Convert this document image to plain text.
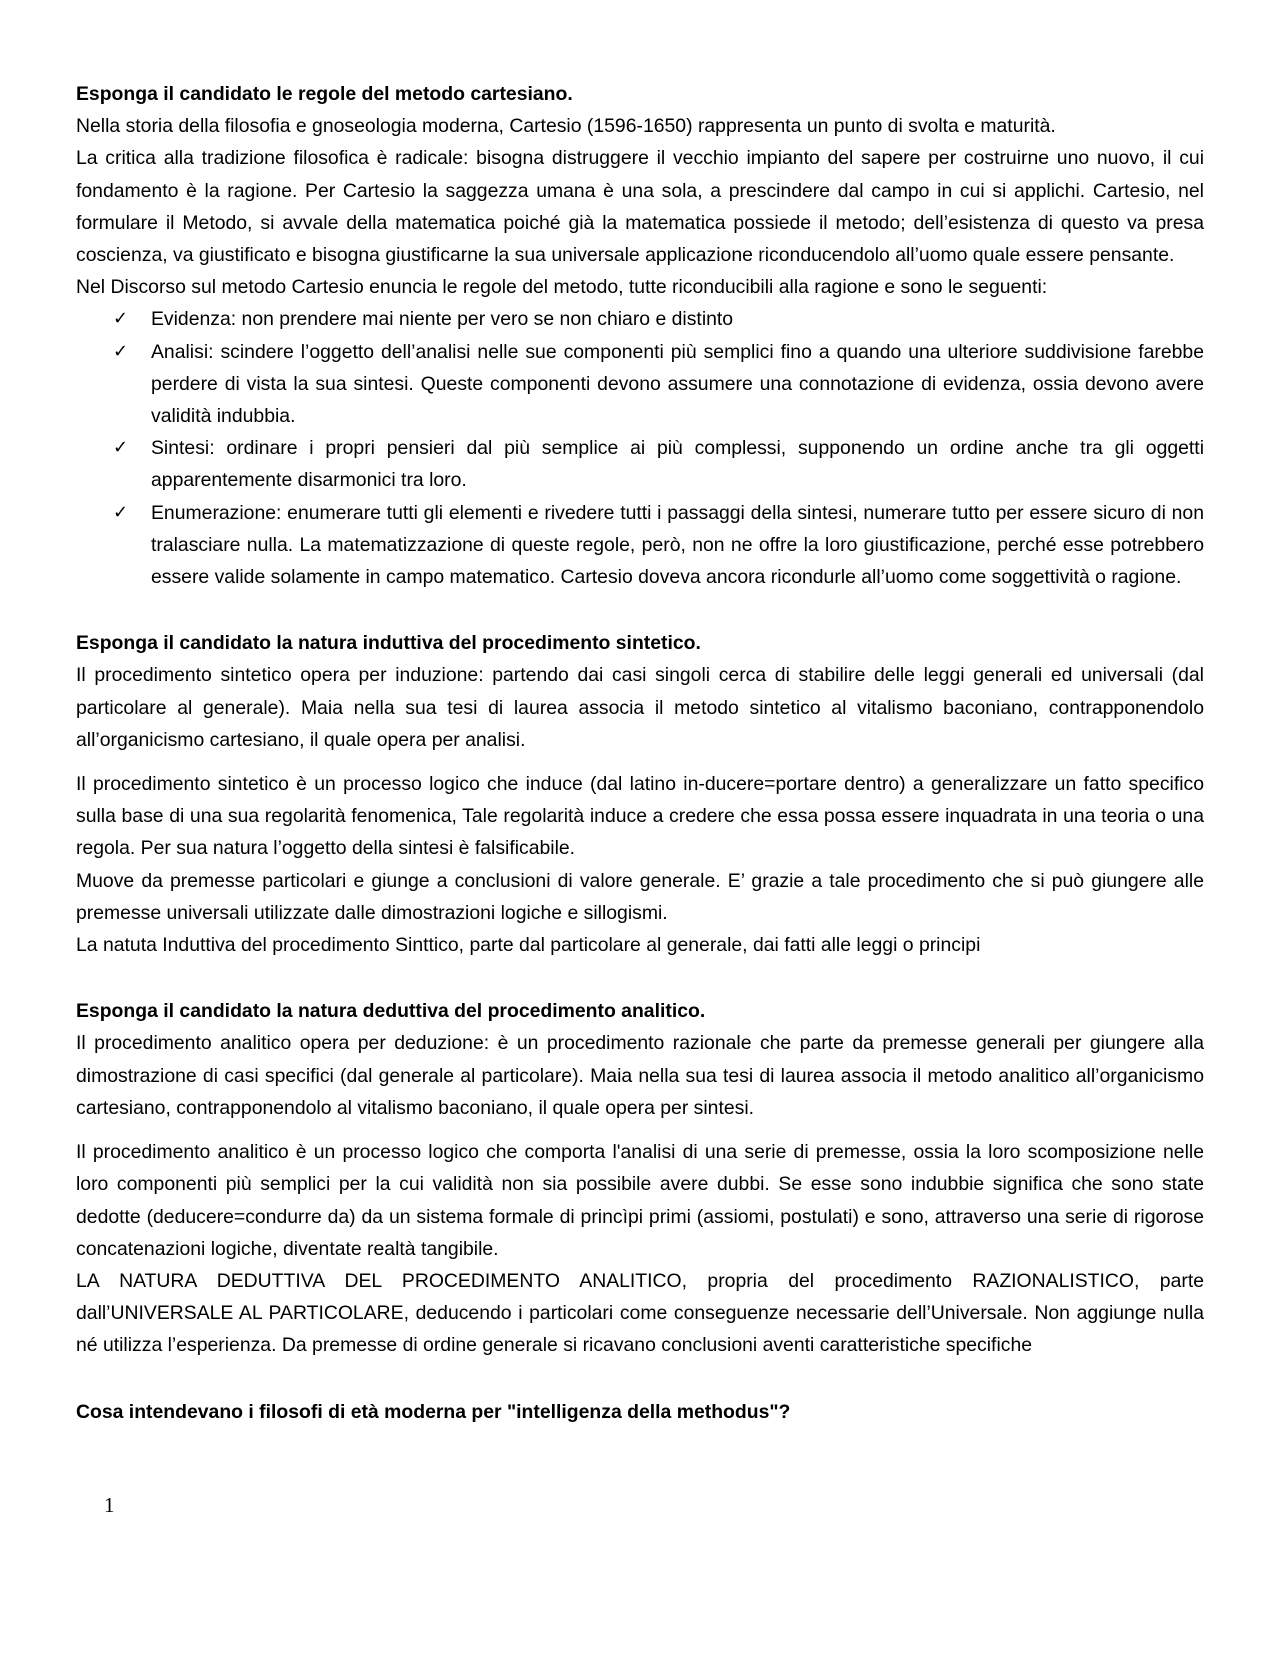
Esponga il candidato le regole del metodo cartesiano.

Nella storia della filosofia e gnoseologia moderna, Cartesio (1596-1650) rappresenta un punto di svolta e maturità.

La critica alla tradizione filosofica è radicale: bisogna distruggere il vecchio impianto del sapere per costruirne uno nuovo, il cui fondamento è la ragione. Per Cartesio la saggezza umana è una sola, a prescindere dal campo in cui si applichi. Cartesio, nel formulare il Metodo, si avvale della matematica poiché già la matematica possiede il metodo; dell’esistenza di questo va presa coscienza, va giustificato e bisogna giustificarne la sua universale applicazione riconducendolo all’uomo quale essere pensante.

Nel Discorso sul metodo Cartesio enuncia le regole del metodo, tutte riconducibili alla ragione e sono le seguenti:

✓ Evidenza: non prendere mai niente per vero se non chiaro e distinto
✓ Analisi: scindere l’oggetto dell’analisi nelle sue componenti più semplici fino a quando una ulteriore suddivisione farebbe perdere di vista la sua sintesi. Queste componenti devono assumere una connotazione di evidenza, ossia devono avere validità indubbia.
✓ Sintesi: ordinare i propri pensieri dal più semplice ai più complessi, supponendo un ordine anche tra gli oggetti apparentemente disarmonici tra loro.
✓ Enumerazione: enumerare tutti gli elementi e rivedere tutti i passaggi della sintesi, numerare tutto per essere sicuro di non tralasciare nulla. La matematizzazione di queste regole, però, non ne offre la loro giustificazione, perché esse potrebbero essere valide solamente in campo matematico. Cartesio doveva ancora ricondurle all’uomo come soggettività o ragione.

Esponga il candidato la natura induttiva del procedimento sintetico.

Il procedimento sintetico opera per induzione: partendo dai casi singoli cerca di stabilire delle leggi generali ed universali (dal particolare al generale). Maia nella sua tesi di laurea associa il metodo sintetico al vitalismo baconiano, contrapponendolo all’organicismo cartesiano, il quale opera per analisi.

Il procedimento sintetico è un processo logico che induce (dal latino in-ducere=portare dentro) a generalizzare un fatto specifico sulla base di una sua regolarità fenomenica, Tale regolarità induce a credere che essa possa essere inquadrata in una teoria o una regola. Per sua natura l’oggetto della sintesi è falsificabile.

Muove da premesse particolari e giunge a conclusioni di valore generale. E’ grazie a tale procedimento che si può giungere alle premesse universali utilizzate dalle dimostrazioni logiche e sillogismi.

La natuta Induttiva del procedimento Sinttico, parte dal particolare al generale, dai fatti alle leggi o principi

Esponga il candidato la natura deduttiva del procedimento analitico.

Il procedimento analitico opera per deduzione: è un procedimento razionale che parte da premesse generali per giungere alla dimostrazione di casi specifici (dal generale al particolare). Maia nella sua tesi di laurea associa il metodo analitico all’organicismo cartesiano, contrapponendolo al vitalismo baconiano, il quale opera per sintesi.

Il procedimento analitico è un processo logico che comporta l'analisi di una serie di premesse, ossia la loro scomposizione nelle loro componenti più semplici per la cui validità non sia possibile avere dubbi. Se esse sono indubbie significa che sono state dedotte (deducere=condurre da) da un sistema formale di princìpi primi (assiomi, postulati) e sono, attraverso una serie di rigorose concatenazioni logiche, diventate realtà tangibile.

LA NATURA DEDUTTIVA DEL PROCEDIMENTO ANALITICO, propria del procedimento RAZIONALISTICO, parte dall’UNIVERSALE AL PARTICOLARE, deducendo i particolari come conseguenze necessarie dell’Universale. Non aggiunge nulla né utilizza l’esperienza. Da premesse di ordine generale si ricavano conclusioni aventi caratteristiche specifiche

Cosa intendevano i filosofi di età moderna per "intelligenza della methodus"?

1
